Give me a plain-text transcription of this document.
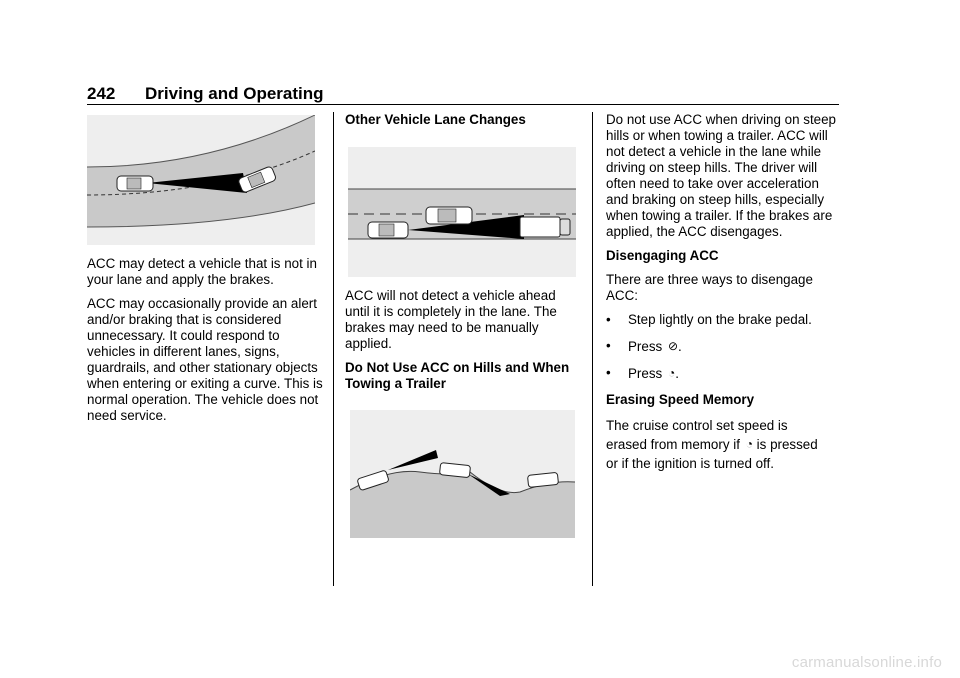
242 Driving and Operating

ACC may detect a vehicle that is not in your lane and apply the brakes.

ACC may occasionally provide an alert and/or braking that is considered unnecessary. It could respond to vehicles in different lanes, signs, guardrails, and other stationary objects when entering or exiting a curve. This is normal operation. The vehicle does not need service.

Other Vehicle Lane Changes

ACC will not detect a vehicle ahead until it is completely in the lane. The brakes may need to be manually applied.

Do Not Use ACC on Hills and When Towing a Trailer

Do not use ACC when driving on steep hills or when towing a trailer. ACC will not detect a vehicle in the lane while driving on steep hills. The driver will often need to take over acceleration and braking on steep hills, especially when towing a trailer. If the brakes are applied, the ACC disengages.

Disengaging ACC

There are three ways to disengage ACC:

•	Step lightly on the brake pedal.
•	Press ⊘.
•	Press ◔.
Erasing Speed Memory

The cruise control set speed is
erased from memory if ◔ is pressed
or if the ignition is turned off.

carmanualsonline.info
